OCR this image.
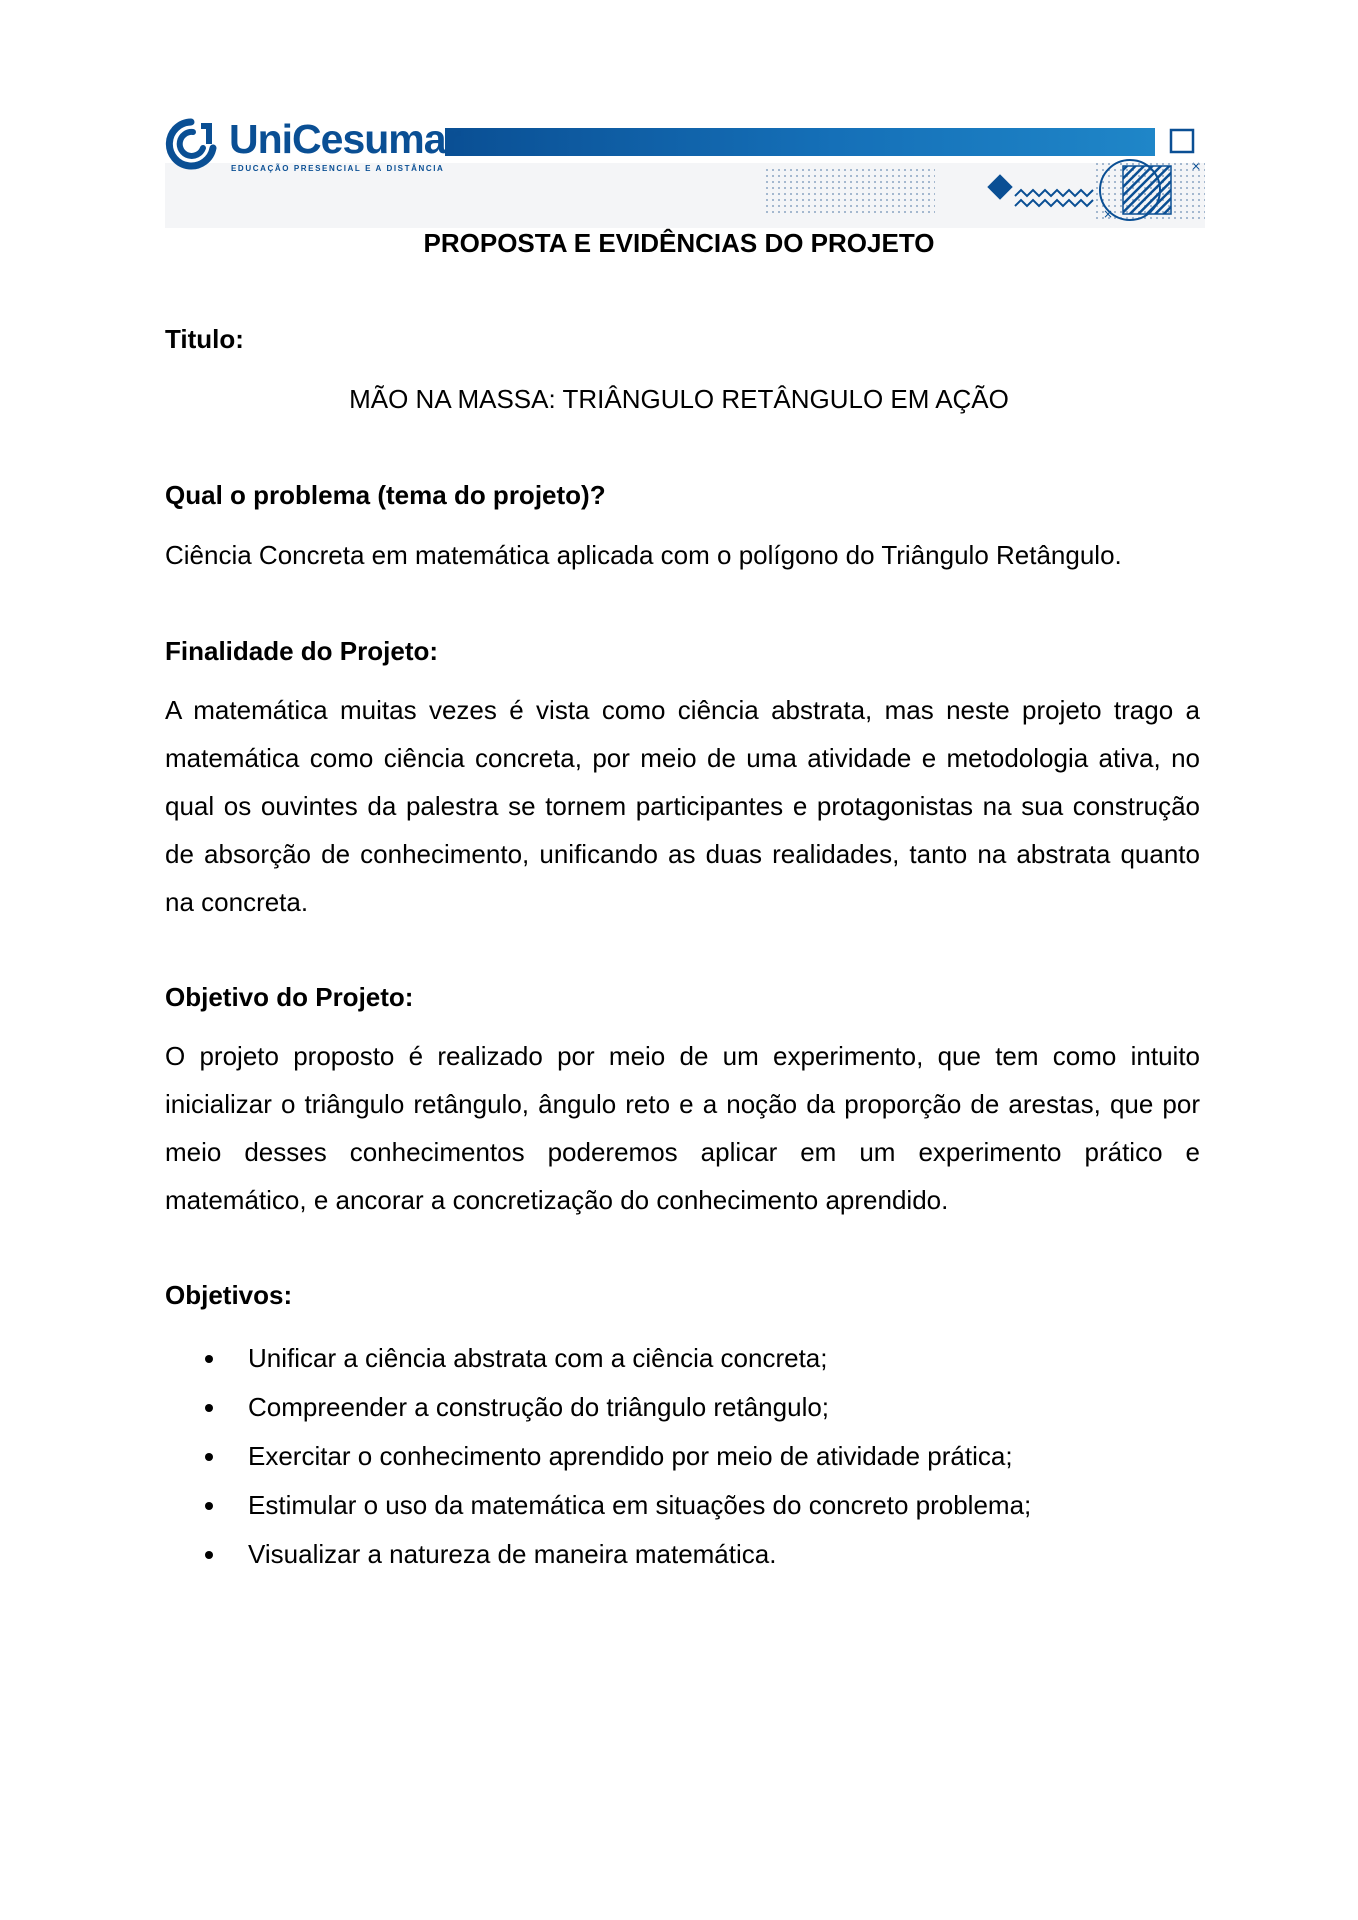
UniCesumar
EDUCAÇÃO PRESENCIAL E A DISTÂNCIA
PROPOSTA E EVIDÊNCIAS DO PROJETO
Titulo:
MÃO NA MASSA: TRIÂNGULO RETÂNGULO EM AÇÃO
Qual o problema (tema do projeto)?
Ciência Concreta em matemática aplicada com o polígono do Triângulo Retângulo.
Finalidade do Projeto:

A matemática muitas vezes é vista como ciência abstrata, mas neste projeto trago a matemática como ciência concreta, por meio de uma atividade e metodologia ativa, no qual os ouvintes da palestra se tornem participantes e protagonistas na sua construção de absorção de conhecimento, unificando as duas realidades, tanto na abstrata quanto na concreta.

Objetivo do Projeto:

O projeto proposto é realizado por meio de um experimento, que tem como intuito inicializar o triângulo retângulo, ângulo reto e a noção da proporção de arestas, que por meio desses conhecimentos poderemos aplicar em um experimento prático e matemático, e ancorar a concretização do conhecimento aprendido.

Objetivos:
Unificar a ciência abstrata com a ciência concreta;
Compreender a construção do triângulo retângulo;
Exercitar o conhecimento aprendido por meio de atividade prática;
Estimular o uso da matemática em situações do concreto problema;
Visualizar a natureza de maneira matemática.
